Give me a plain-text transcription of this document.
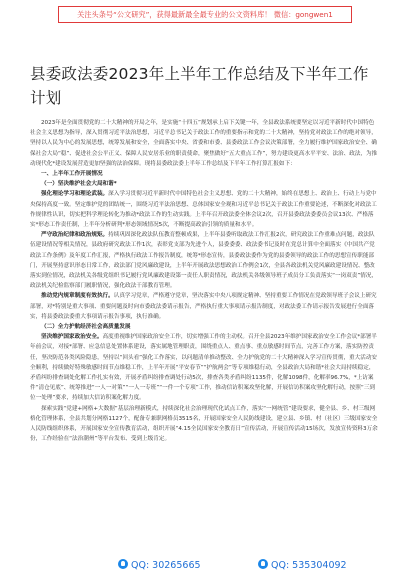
关注头条号“公文研究”，获得最新最全最专业的公文资料库！ 微信：gongwen1
县委政法委2023年上半年工作总结及下半年工作计划

2023年是全面贯彻党的二十大精神的开局之年，是实施“十四五”规划承上启下关键一年，全县政法系统要坚定以习近平新时代中国特色社会主义思想为指导，深入贯彻习近平法治思想，习近平总书记关于政法工作的重要指示和党的二十大精神，坚持党对政法工作的绝对领导，坚持以人民为中心的发展思想，统筹发展和安全，全面落实中央、省委和市委、县委政法工作会议决策部署，全力履行维护国家政治安全、确保社会大局“稳”、促进社会公平正义、保障人民安居乐业的职责使命，聚焦做好“五大重点工作”，努力建设更高水平平安、法治、政法，为推动现代化*建设发展营造更加坚强的法治保障。现将县委政法委上半年工作总结及下半年工作打算汇报如下：

一、上半年工作开展情况

（一）坚决维护社会大局和谐*

强化理论学习和理论武装。深入学习贯彻习近平新时代中国特色社会主义思想、党的二十大精神，始终在思想上、政治上、行动上与党中央保持高度一致。坚定维护党的团结统一，围绕习近平法治思想、总体国家安全观和习近平总书记关于政法工作重要论述，不断深化对政法工作规律性认识，切实把科学理论转化为推动*政法工作的生动实践。上半年召开政法委全体会议2次，召开县委政法委委员会议13次、严格落实*形态工作责任制，上半年分析研判*形态领域情况5次，不断提高政治引领的质量和水平。

严守政治纪律和政治规矩。持续巩固深化政法队伍教育整顿成果，上半年县委听取政法工作汇报2次，研究政法工作重难点问题，政法队伍建设情况等相关情况，县政府研究政法工作1次，表彰党支部为先进个人，县委委委、政法委书记及时在党总计算中全面落实《中国共产党政法工作条例》及年度工作汇报，严格执行政法工作报告制度，统筹*形态宣传，县委政法委作为党的县委领导的政法工作的思想宣传职能部门，开展坚持意识形态日常工作，政法部门党风廉政建设，上半年开展政法思想政治工作例会1次，全县各政法机关党风廉政建设情况、整改落实到位情况，政法机关各级党组织书记履行党风廉政建设第一责任人职责情况，政法机关各级领导班子成员分工负责落实“一岗双责”情况，政法机关纪检监察部门履职情况，强化政法干部教育管理。

推动党内规章制度有效执行。认真学习党章，严格遵守党章，坚决落实中央八项规定精神、坚持重要工作情况在党政领导班子会议上研究部署，对*特别是重大事项、重要问题及时向市委政法委请示报告，严格执行重大事项请示报告制度，对政法委工作请示报告发展进行全面落实，将县委政法委重大事项请示报告事项，执行准确。

（二）全力护航经济社会高质量发展

坚决维护国家政治安全。高度重视维护国家政治安全工作，切实增强工作的主动权。召开全县2023年维护国家政治安全工作会议*部署半年前会议，对接*部署、应急信息处置体系建设，落实属地管理职责，围绕重点人、重点事、重点敏感时间节点，完善工作方案，落实防控责任，坚决防范各类风险隐患，坚持以“回头看”强化工作落实，以问题清单推动整改、全力护航党的二十大精神深入学习宣传贯彻，重大活动安全顺利，持续做好特殊敏感时间节点维稳工作，上半年开展“平安春节”“护航两会”等专项维稳行动，全县政治大局和谐*社会大局持续稳定，矛盾纠纷排查调处化解工作扎实有效，开展矛盾纠纷排查调处行动5次，排查各类矛盾纠纷1135件，化解1098件，化解率96.7%，*上访案件“清仓见底”、统筹推进“一人一对策”“一人一专班”“一件一个专项”工作，推动信访积案攻坚化解，开展信访积案攻坚化解行动，按照“三到位一处理”要求，持续加大信访积案化解力度。

探索实践“党建+网格+大数据”基层治理新模式，持续深化社会治理现代化试点工作，落实“一网统管”建设要求，健全县、乡、村三级网格化管理体系，全县共划分网格1127个，配备专兼职网格员3515名，开展国家安全人民防线建设，建立县、乡镇、村（社区）三级国家安全人民防线组织体系，开展国家安全宣传教育活动，组织开展“4.15全民国家安全教育日”宣传活动，开展宣传活动15场次，发放宣传资料3万余份，工作经验在“法治潮州”等平台发布、受到上级肯定。

QQ: 30265665	QQ: 535304092
